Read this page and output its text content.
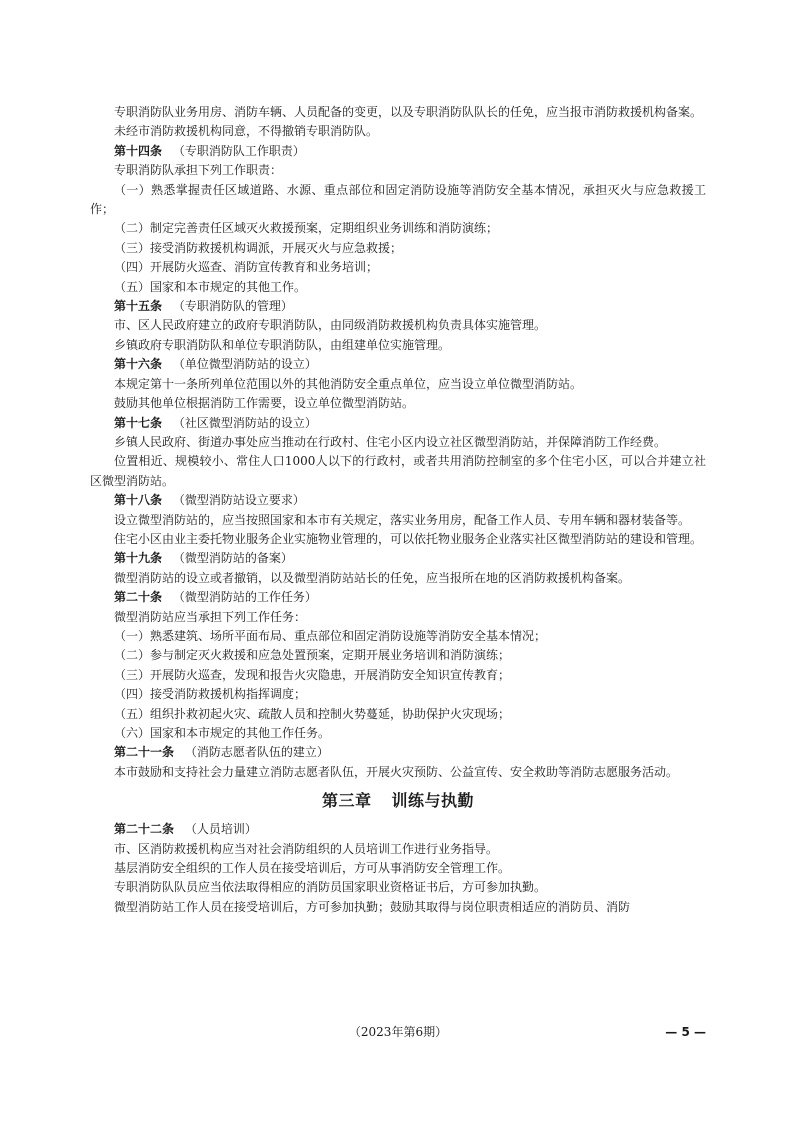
专职消防队业务用房、消防车辆、人员配备的变更，以及专职消防队队长的任免，应当报市消防救援机构备案。

未经市消防救援机构同意，不得撤销专职消防队。

第十四条 （专职消防队工作职责）

专职消防队承担下列工作职责：

（一）熟悉掌握责任区域道路、水源、重点部位和固定消防设施等消防安全基本情况，承担灭火与应急救援工作；

（二）制定完善责任区域灭火救援预案，定期组织业务训练和消防演练；

（三）接受消防救援机构调派，开展灭火与应急救援；

（四）开展防火巡查、消防宣传教育和业务培训；

（五）国家和本市规定的其他工作。

第十五条 （专职消防队的管理）

市、区人民政府建立的政府专职消防队，由同级消防救援机构负责具体实施管理。

乡镇政府专职消防队和单位专职消防队，由组建单位实施管理。

第十六条 （单位微型消防站的设立）

本规定第十一条所列单位范围以外的其他消防安全重点单位，应当设立单位微型消防站。

鼓励其他单位根据消防工作需要，设立单位微型消防站。

第十七条 （社区微型消防站的设立）

乡镇人民政府、街道办事处应当推动在行政村、住宅小区内设立社区微型消防站，并保障消防工作经费。

位置相近、规模较小、常住人口1000人以下的行政村，或者共用消防控制室的多个住宅小区，可以合并建立社区微型消防站。

第十八条 （微型消防站设立要求）

设立微型消防站的，应当按照国家和本市有关规定，落实业务用房，配备工作人员、专用车辆和器材装备等。

住宅小区由业主委托物业服务企业实施物业管理的，可以依托物业服务企业落实社区微型消防站的建设和管理。

第十九条 （微型消防站的备案）

微型消防站的设立或者撤销，以及微型消防站站长的任免，应当报所在地的区消防救援机构备案。

第二十条 （微型消防站的工作任务）

微型消防站应当承担下列工作任务：

（一）熟悉建筑、场所平面布局、重点部位和固定消防设施等消防安全基本情况；

（二）参与制定灭火救援和应急处置预案，定期开展业务培训和消防演练；

（三）开展防火巡查，发现和报告火灾隐患，开展消防安全知识宣传教育；

（四）接受消防救援机构指挥调度；

（五）组织扑救初起火灾、疏散人员和控制火势蔓延，协助保护火灾现场；

（六）国家和本市规定的其他工作任务。

第二十一条 （消防志愿者队伍的建立）

本市鼓励和支持社会力量建立消防志愿者队伍，开展火灾预防、公益宣传、安全救助等消防志愿服务活动。

第三章 训练与执勤

第二十二条 （人员培训）

市、区消防救援机构应当对社会消防组织的人员培训工作进行业务指导。

基层消防安全组织的工作人员在接受培训后，方可从事消防安全管理工作。

专职消防队队员应当依法取得相应的消防员国家职业资格证书后，方可参加执勤。

微型消防站工作人员在接受培训后，方可参加执勤；鼓励其取得与岗位职责相适应的消防员、消防

（2023年第6期）	— 5 —
